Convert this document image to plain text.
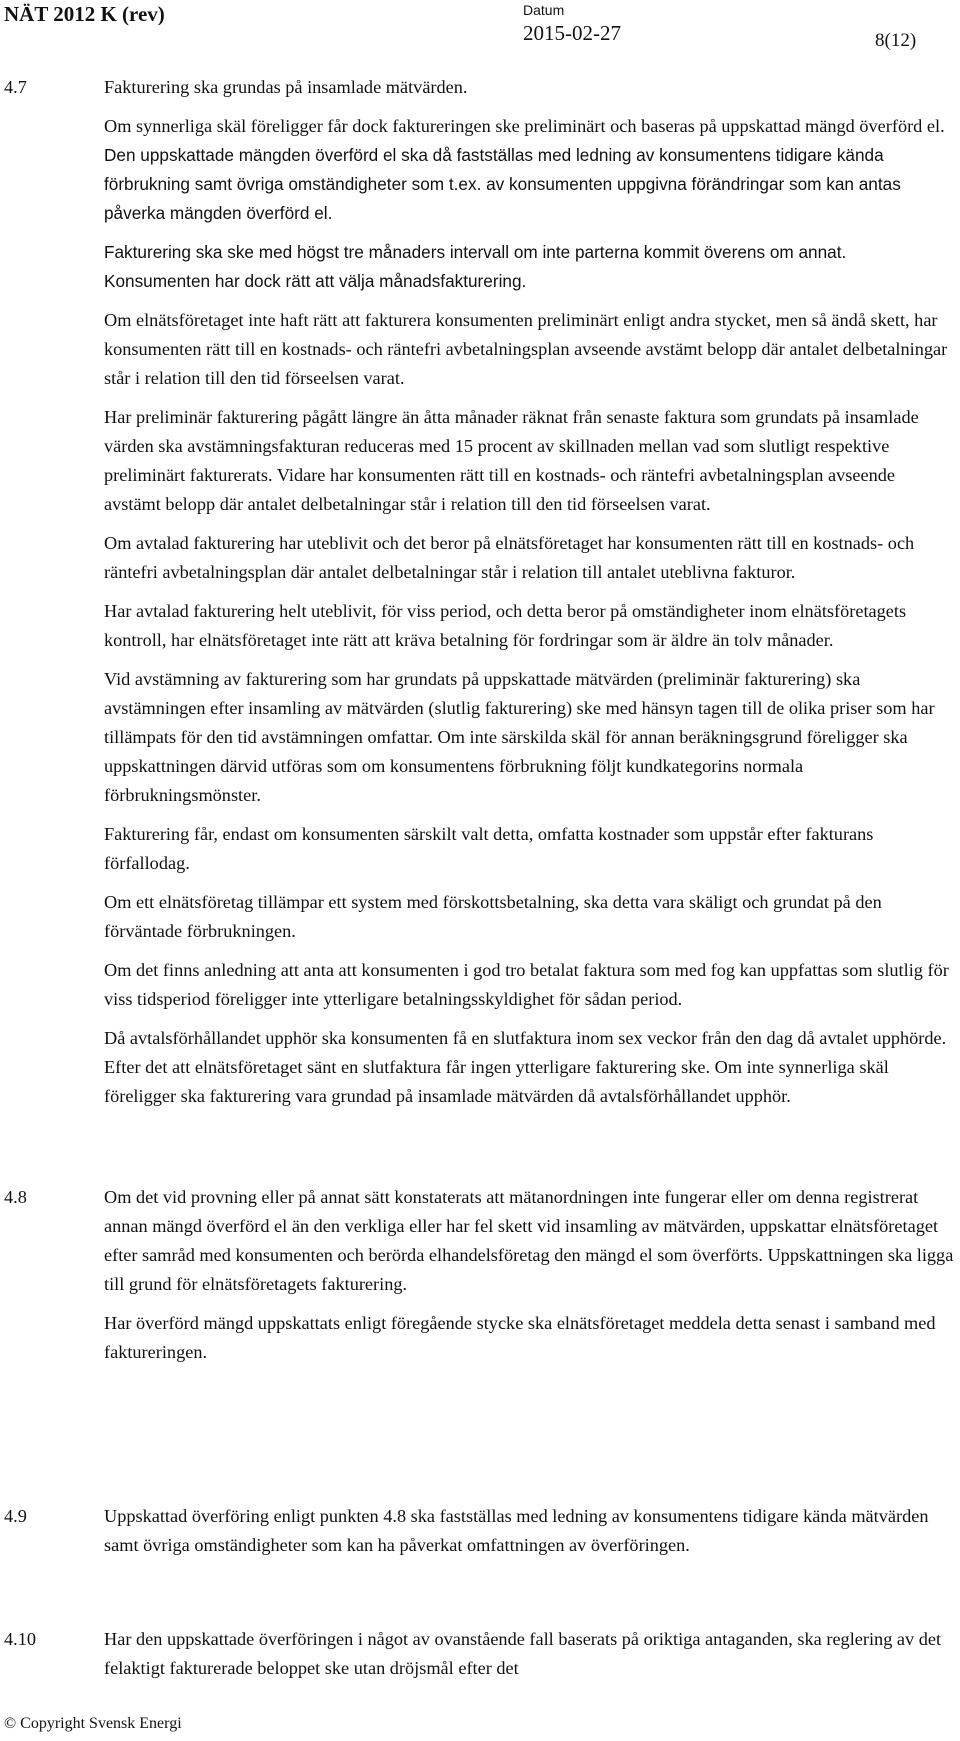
NÄT 2012 K (rev)	Datum
2015-02-27	8(12)
4.7	Fakturering ska grundas på insamlade mätvärden.

Om synnerliga skäl föreligger får dock faktureringen ske preliminärt och baseras på uppskattad mängd överförd el. Den uppskattade mängden överförd el ska då fastställas med ledning av konsumentens tidigare kända förbrukning samt övriga omständigheter som t.ex. av konsumenten uppgivna förändringar som kan antas påverka mängden överförd el.

Fakturering ska ske med högst tre månaders intervall om inte parterna kommit överens om annat. Konsumenten har dock rätt att välja månadsfakturering.

Om elnätsföretaget inte haft rätt att fakturera konsumenten preliminärt enligt andra stycket, men så ändå skett, har konsumenten rätt till en kostnads- och räntefri avbetalningsplan avseende avstämt belopp där antalet delbetalningar står i relation till den tid förseelsen varat.

Har preliminär fakturering pågått längre än åtta månader räknat från senaste faktura som grundats på insamlade värden ska avstämningsfakturan reduceras med 15 procent av skillnaden mellan vad som slutligt respektive preliminärt fakturerats. Vidare har konsumenten rätt till en kostnads- och räntefri avbetalningsplan avseende avstämt belopp där antalet delbetalningar står i relation till den tid förseelsen varat.

Om avtalad fakturering har uteblivit och det beror på elnätsföretaget har konsumenten rätt till en kostnads- och räntefri avbetalningsplan där antalet delbetalningar står i relation till antalet uteblivna fakturor.

Har avtalad fakturering helt uteblivit, för viss period, och detta beror på omständigheter inom elnätsföretagets kontroll, har elnätsföretaget inte rätt att kräva betalning för fordringar som är äldre än tolv månader.

Vid avstämning av fakturering som har grundats på uppskattade mätvärden (preliminär fakturering) ska avstämningen efter insamling av mätvärden (slutlig fakturering) ske med hänsyn tagen till de olika priser som har tillämpats för den tid avstämningen omfattar. Om inte särskilda skäl för annan beräkningsgrund föreligger ska uppskattningen därvid utföras som om konsumentens förbrukning följt kundkategorins normala förbrukningsmönster.

Fakturering får, endast om konsumenten särskilt valt detta, omfatta kostnader som uppstår efter fakturans förfallodag.

Om ett elnätsföretag tillämpar ett system med förskottsbetalning, ska detta vara skäligt och grundat på den förväntade förbrukningen.

Om det finns anledning att anta att konsumenten i god tro betalat faktura som med fog kan uppfattas som slutlig för viss tidsperiod föreligger inte ytterligare betalningsskyldighet för sådan period.

Då avtalsförhållandet upphör ska konsumenten få en slutfaktura inom sex veckor från den dag då avtalet upphörde. Efter det att elnätsföretaget sänt en slutfaktura får ingen ytterligare fakturering ske. Om inte synnerliga skäl föreligger ska fakturering vara grundad på insamlade mätvärden då avtalsförhållandet upphör.

4.8	Om det vid provning eller på annat sätt konstaterats att mätanordningen inte fungerar eller om denna registrerat annan mängd överförd el än den verkliga eller har fel skett vid insamling av mätvärden, uppskattar elnätsföretaget efter samråd med konsumenten och berörda elhandelsföretag den mängd el som överförts. Uppskattningen ska ligga till grund för elnätsföretagets fakturering.

Har överförd mängd uppskattats enligt föregående stycke ska elnätsföretaget meddela detta senast i samband med faktureringen.

4.9	Uppskattad överföring enligt punkten 4.8 ska fastställas med ledning av konsumentens tidigare kända mätvärden samt övriga omständigheter som kan ha påverkat omfattningen av överföringen.

4.10	Har den uppskattade överföringen i något av ovanstående fall baserats på oriktiga antaganden, ska reglering av det felaktigt fakturerade beloppet ske utan dröjsmål efter det

© Copyright Svensk Energi
